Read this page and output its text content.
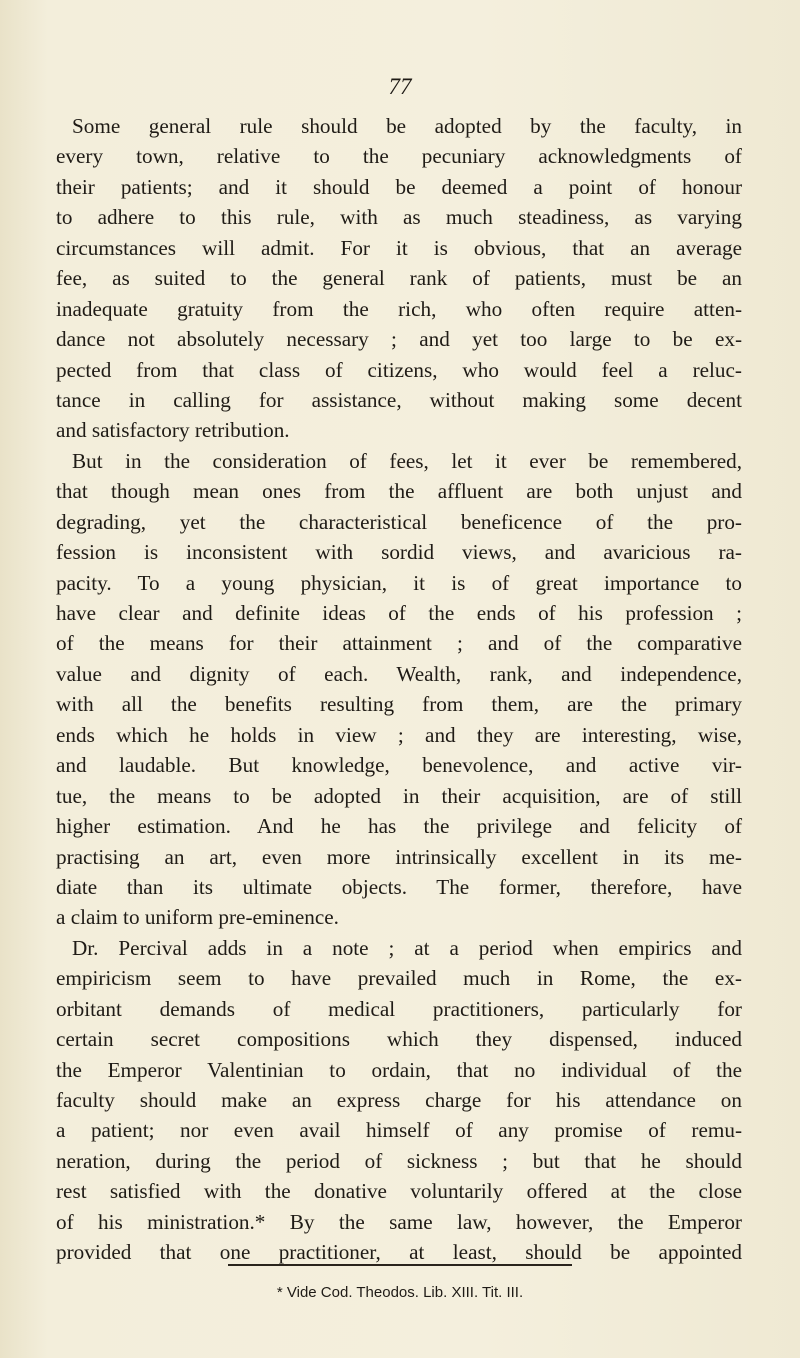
77
Some general rule should be adopted by the faculty, in
every town, relative to the pecuniary acknowledgments of
their patients; and it should be deemed a point of honour
to adhere to this rule, with as much steadiness, as varying
circumstances will admit. For it is obvious, that an average
fee, as suited to the general rank of patients, must be an
inadequate gratuity from the rich, who often require atten-
dance not absolutely necessary ; and yet too large to be ex-
pected from that class of citizens, who would feel a reluc-
tance in calling for assistance, without making some decent
and satisfactory retribution.
But in the consideration of fees, let it ever be remembered,
that though mean ones from the affluent are both unjust and
degrading, yet the characteristical beneficence of the pro-
fession is inconsistent with sordid views, and avaricious ra-
pacity. To a young physician, it is of great importance to
have clear and definite ideas of the ends of his profession ;
of the means for their attainment ; and of the comparative
value and dignity of each. Wealth, rank, and independence,
with all the benefits resulting from them, are the primary
ends which he holds in view ; and they are interesting, wise,
and laudable. But knowledge, benevolence, and active vir-
tue, the means to be adopted in their acquisition, are of still
higher estimation. And he has the privilege and felicity of
practising an art, even more intrinsically excellent in its me-
diate than its ultimate objects. The former, therefore, have
a claim to uniform pre-eminence.
Dr. Percival adds in a note ; at a period when empirics and
empiricism seem to have prevailed much in Rome, the ex-
orbitant demands of medical practitioners, particularly for
certain secret compositions which they dispensed, induced
the Emperor Valentinian to ordain, that no individual of the
faculty should make an express charge for his attendance on
a patient; nor even avail himself of any promise of remu-
neration, during the period of sickness ; but that he should
rest satisfied with the donative voluntarily offered at the close
of his ministration.* By the same law, however, the Emperor
provided that one practitioner, at least, should be appointed
* Vide Cod. Theodos. Lib. XIII. Tit. III.
